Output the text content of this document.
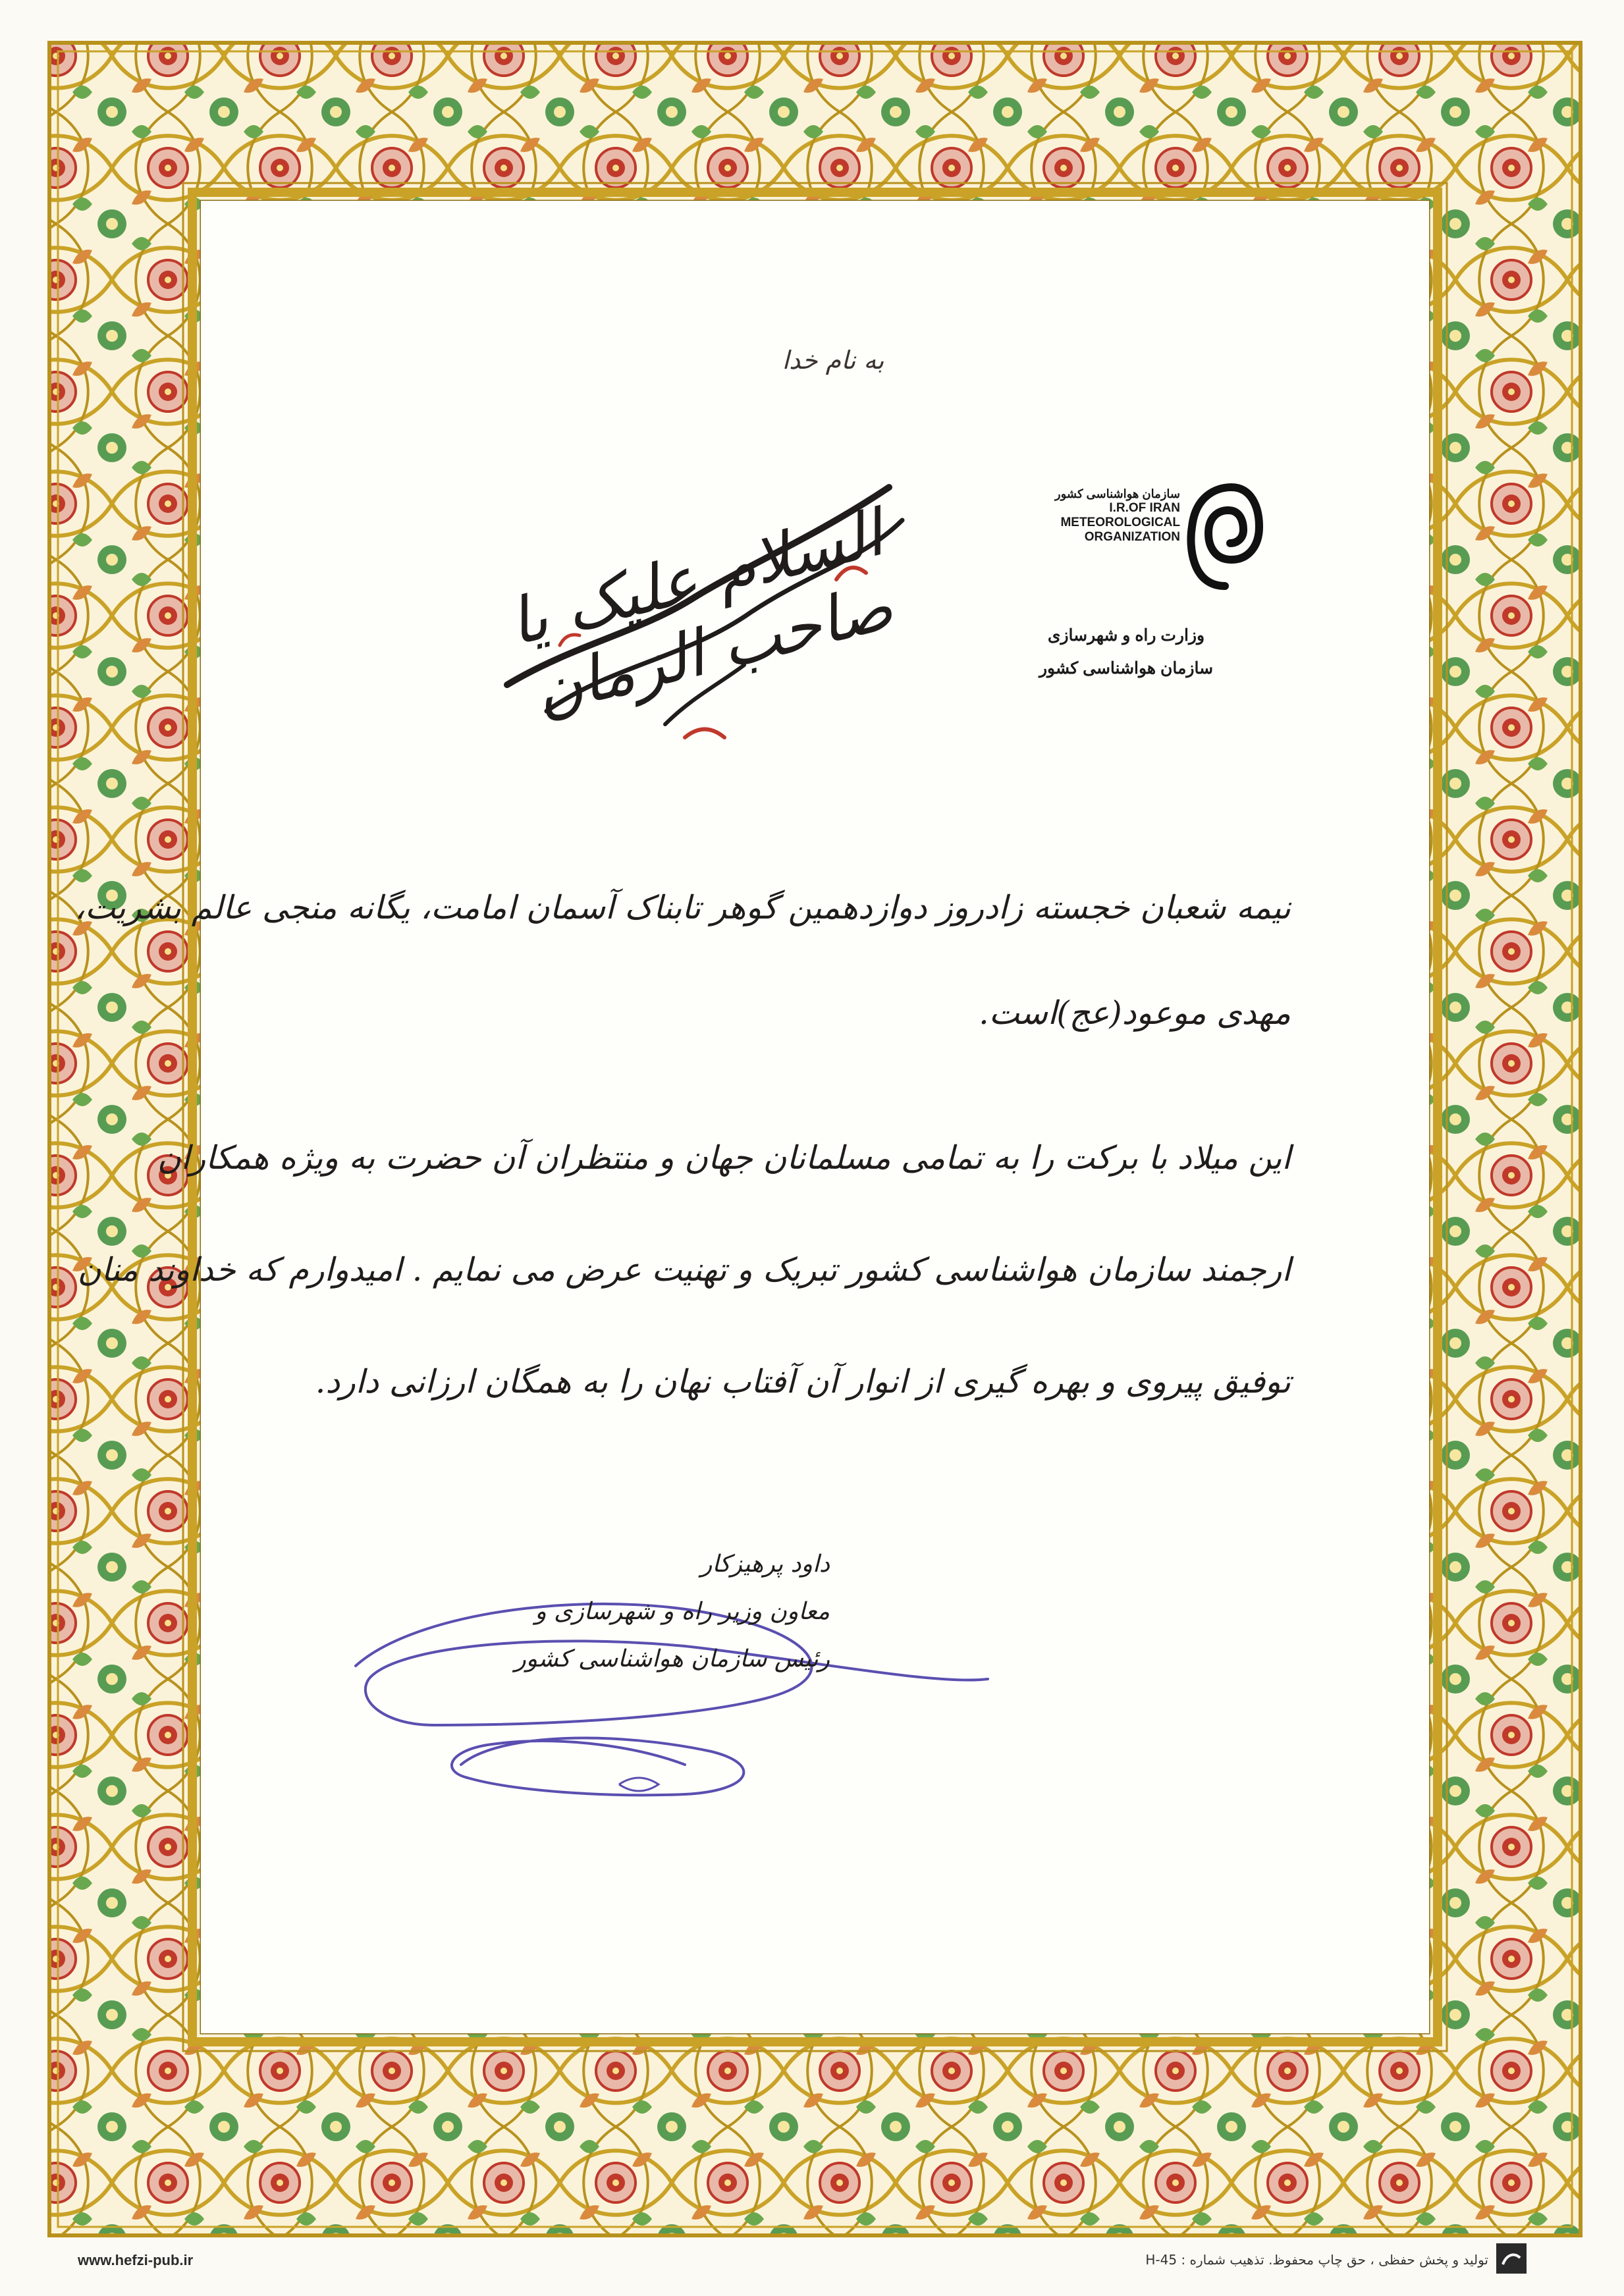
به نام خدا
السلام علیک یا صاحب الزمان
سازمان هواشناسی کشور
I.R.OF IRAN
METEOROLOGICAL
ORGANIZATION
وزارت راه و شهرسازی
سازمان هواشناسی کشور
نیمه شعبان خجسته زادروز دوازدهمین گوهر تابناک آسمان امامت، یگانه منجی عالم بشریت،
مهدی موعود(عج)است.
این میلاد با برکت را به تمامی مسلمانان جهان و منتظران آن حضرت به ویژه همکاران
ارجمند سازمان هواشناسی کشور تبریک و تهنیت عرض می نمایم . امیدوارم که خداوند منان
توفیق پیروی و بهره گیری از انوار آن آفتاب نهان را به همگان ارزانی دارد.
داود پرهیزکار
معاون وزیر راه و شهرسازی و
رئیس سازمان هواشناسی کشور
www.hefzi-pub.ir	تولید و پخش حفظی ، حق چاپ محفوظ. تذهیب شماره : H-45
